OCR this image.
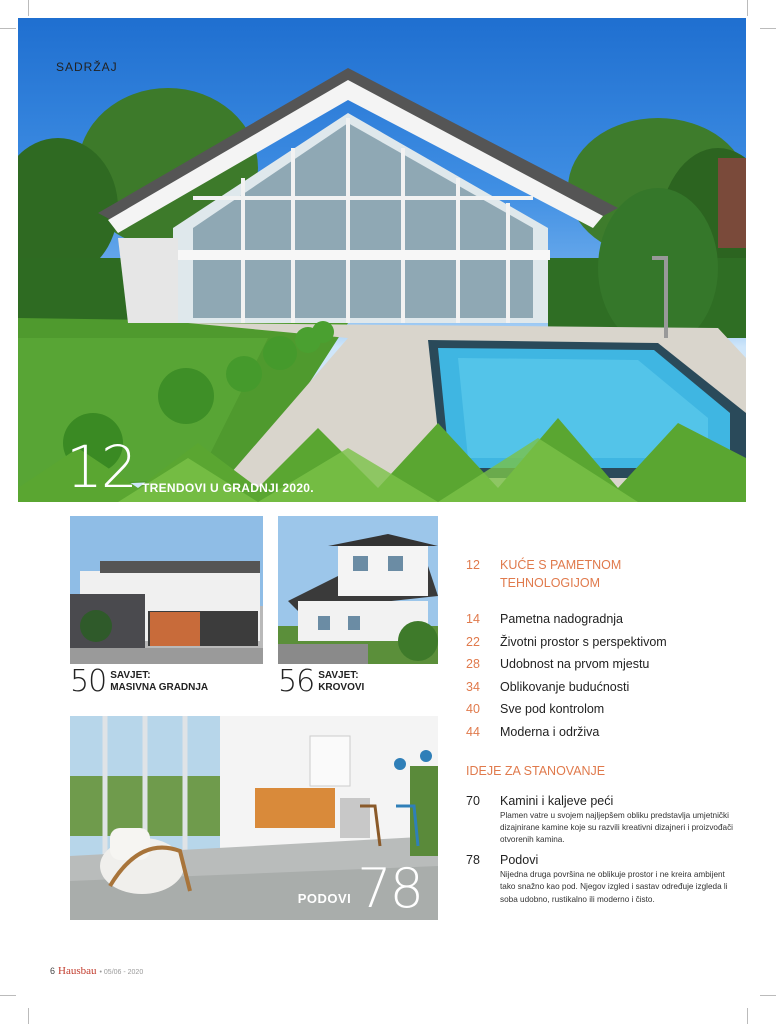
SADRŽAJ
12 TRENDOVI U GRADNJI 2020.
50 SAVJET:
MASIVNA GRADNJA 56 SAVJET:
KROVOVI
PODOVI 78
12	KUĆE S PAMETNOM
TEHNOLOGIJOM
14	Pametna nadogradnja
22	Životni prostor s perspektivom
28	Udobnost na prvom mjestu
34	Oblikovanje budućnosti
40	Sve pod kontrolom
44	Moderna i održiva
IDEJE ZA STANOVANJE
70	Kamini i kaljeve peći
Plamen vatre u svojem najljepšem obliku predstavlja umjetnički dizajnirane kamine koje su razvili kreativni dizajneri i proizvođači otvorenih kamina.
78	Podovi
Nijedna druga površina ne oblikuje prostor i ne kreira ambijent tako snažno kao pod. Njegov izgled i sastav određuje izgleda li soba udobno, rustikalno ili moderno i čisto.
6 Hausbau • 05/06 - 2020
